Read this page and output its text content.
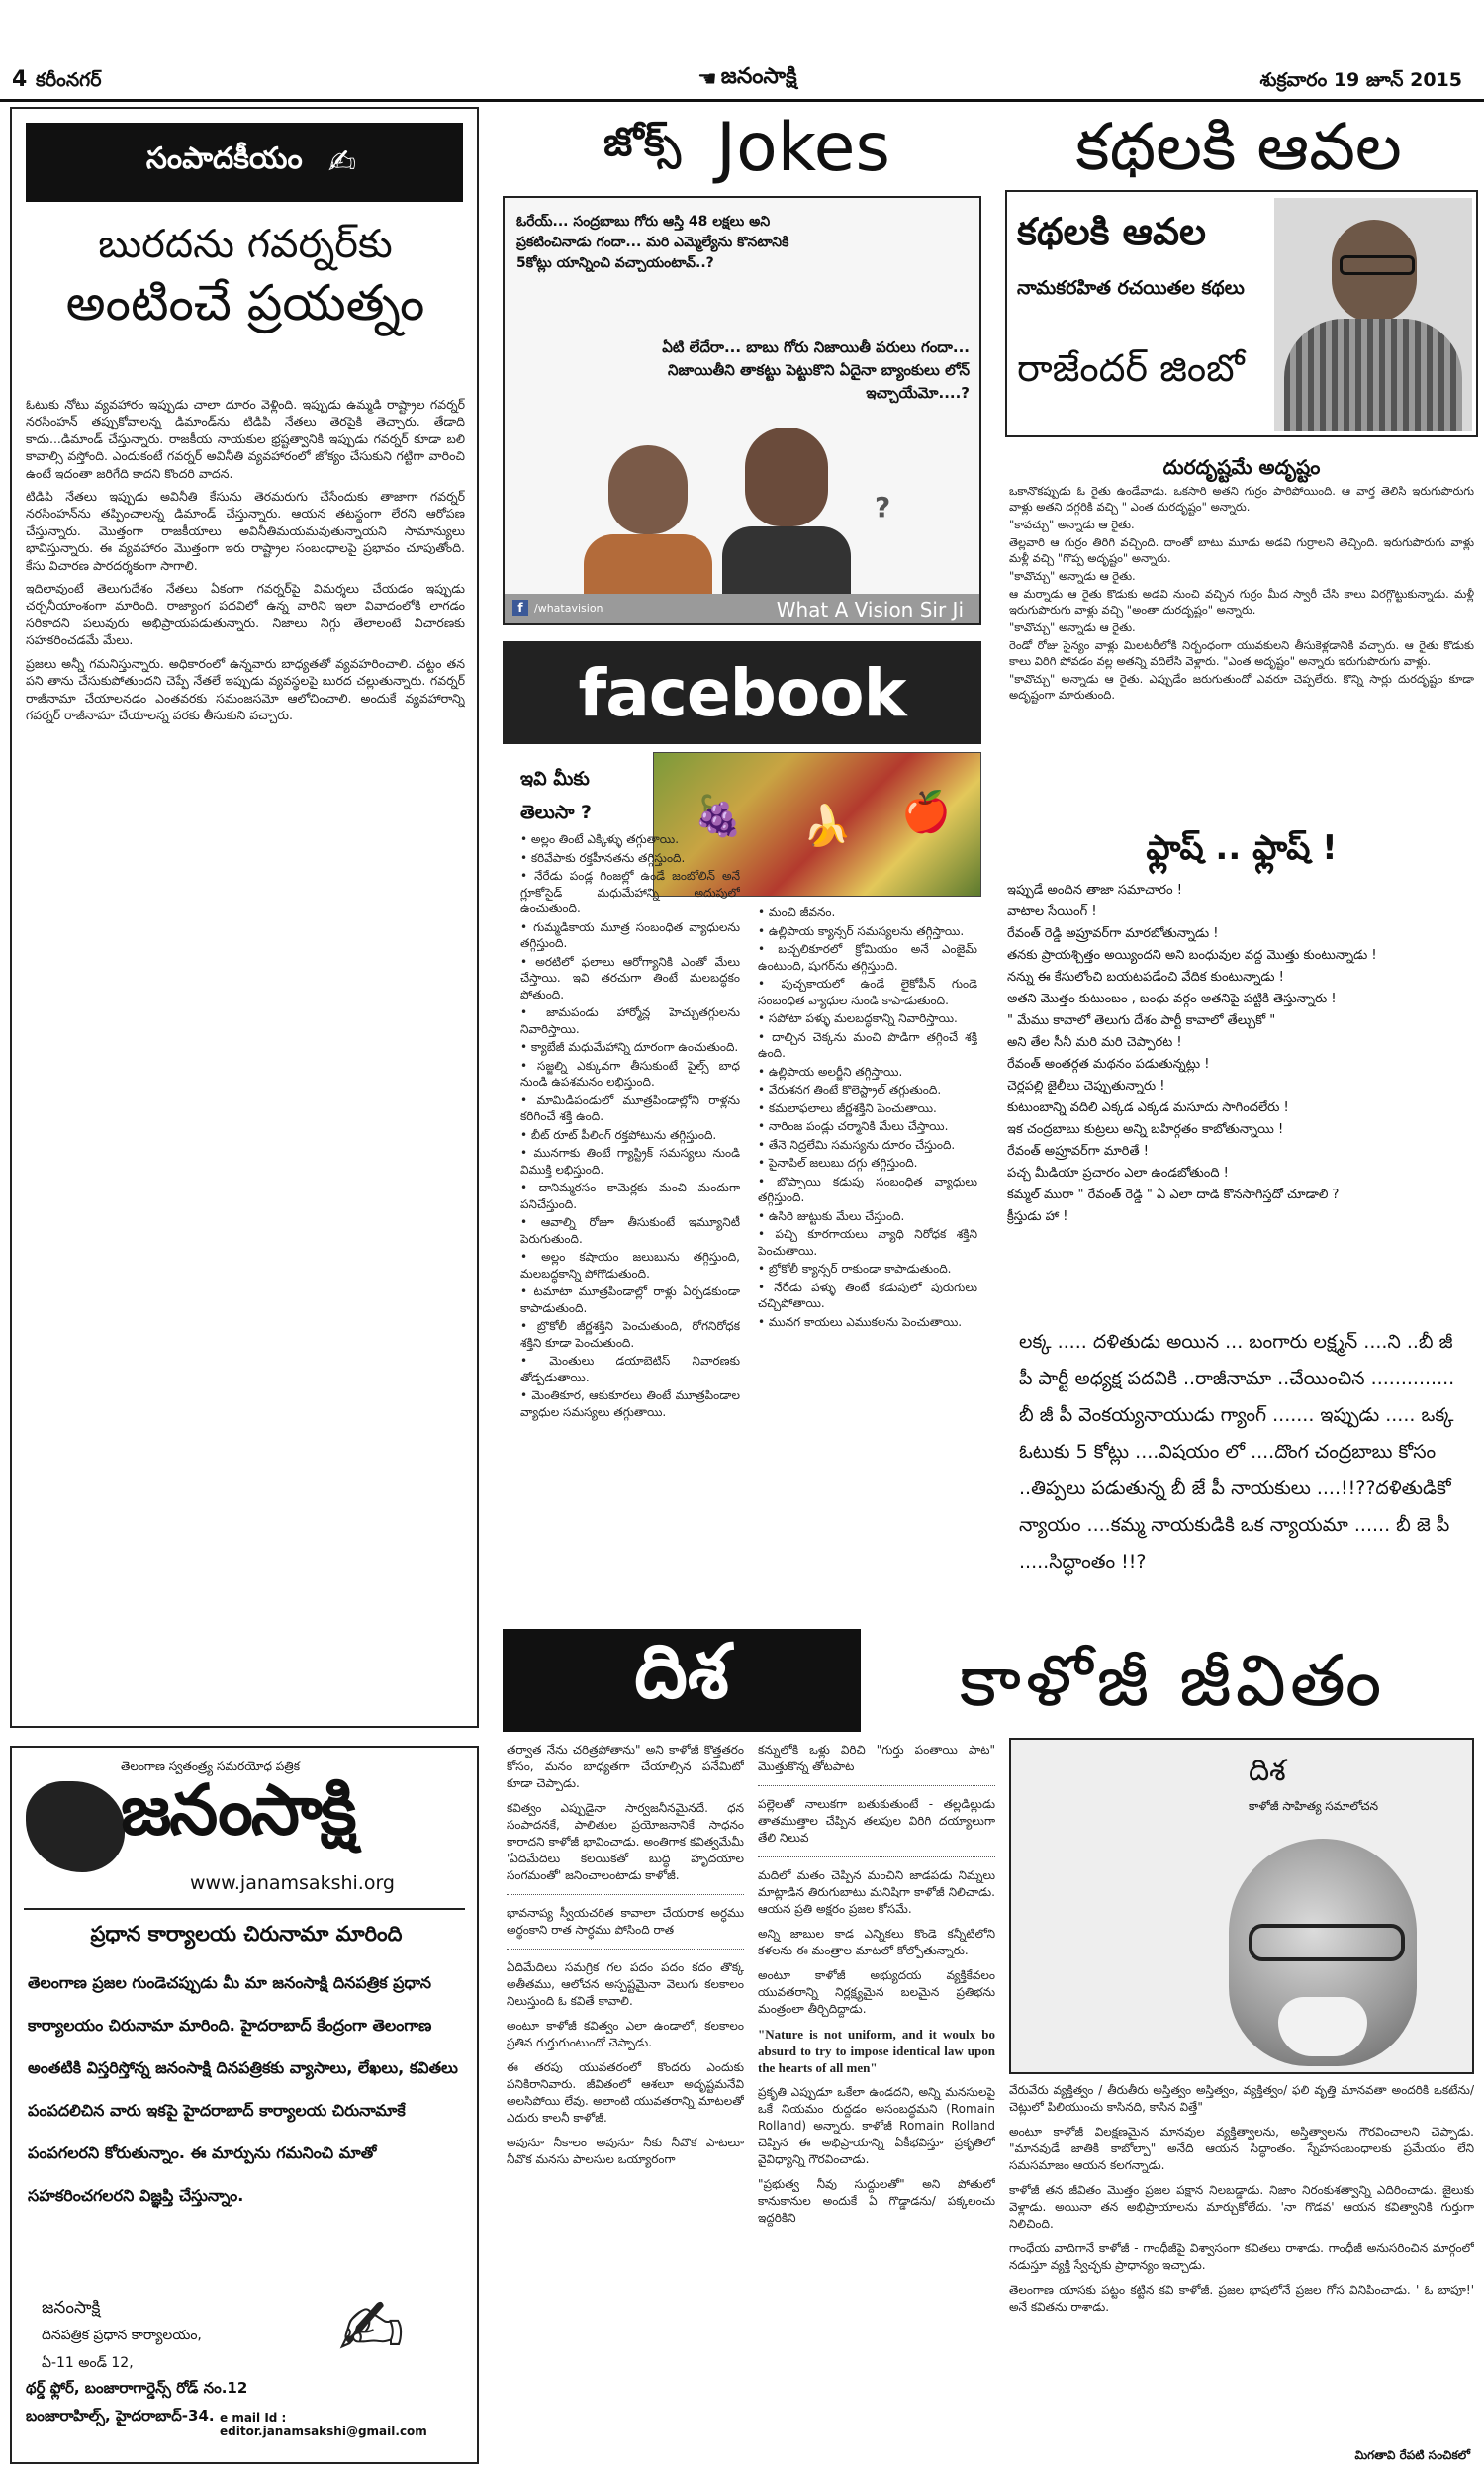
4 కరీంనగర్	☚ జనంసాక్షి	శుక్రవారం 19 జూన్ 2015
సంపాదకీయం ✍
బురదను గవర్నర్‌కు
అంటించే ప్రయత్నం

ఓటుకు నోటు వ్యవహారం ఇప్పుడు చాలా దూరం వెళ్లింది. ఇప్పుడు ఉమ్మడి రాష్ట్రాల గవర్నర్ నరసింహన్ తప్పుకోవాలన్న డిమాండ్‌ను టిడిపి నేతలు తెరపైకి తెచ్చారు. తేడాది కాదు...డిమాండ్ చేస్తున్నారు. రాజకీయ నాయకుల భ్రష్టత్వానికి ఇప్పుడు గవర్నర్ కూడా బలి కావాల్సి వస్తోంది. ఎందుకంటే గవర్నర్ అవినీతి వ్యవహారంలో జోక్యం చేసుకుని గట్టిగా వారించి ఉంటే ఇదంతా జరిగేది కాదని కొందరి వాదన.

టిడిపి నేతలు ఇప్పుడు అవినీతి కేసును తెరమరుగు చేసేందుకు తాజాగా గవర్నర్ నరసింహన్‌ను తప్పించాలన్న డిమాండ్ చేస్తున్నారు. ఆయన తటస్థంగా లేరని ఆరోపణ చేస్తున్నారు. మొత్తంగా రాజకీయాలు అవినీతిమయమవుతున్నాయని సామాన్యులు భావిస్తున్నారు. ఈ వ్యవహారం మొత్తంగా ఇరు రాష్ట్రాల సంబంధాలపై ప్రభావం చూపుతోంది. కేసు విచారణ పారదర్శకంగా సాగాలి.

ఇదిలావుంటే తెలుగుదేశం నేతలు ఏకంగా గవర్నర్‌పై విమర్శలు చేయడం ఇప్పుడు చర్చనీయాంశంగా మారింది. రాజ్యాంగ పదవిలో ఉన్న వారిని ఇలా వివాదంలోకి లాగడం సరికాదని పలువురు అభిప్రాయపడుతున్నారు. నిజాలు నిగ్గు తేలాలంటే విచారణకు సహకరించడమే మేలు.

ప్రజలు అన్నీ గమనిస్తున్నారు. అధికారంలో ఉన్నవారు బాధ్యతతో వ్యవహరించాలి. చట్టం తన పని తాను చేసుకుపోతుందని చెప్పే నేతలే ఇప్పుడు వ్యవస్థలపై బురద చల్లుతున్నారు. గవర్నర్ రాజీనామా చేయాలనడం ఎంతవరకు సమంజసమో ఆలోచించాలి. అందుకే వ్యవహారాన్ని గవర్నర్ రాజీనామా చేయాలన్న వరకు తీసుకుని వచ్చారు.

జోక్స్ Jokes
ఓరేయ్... సంద్రబాబు గోరు ఆస్తి 48 లక్షలు అని ప్రకటించినాడు గందా... మరి ఎమ్మెల్యేను కొనటానికి 5కోట్లు యాన్నించి వచ్చాయంటావ్..?
ఏటి లేదేరా... బాబు గోరు నిజాయితీ పరులు గందా... నిజాయితీని తాకట్టు పెట్టుకొని ఏదైనా బ్యాంకులు లోన్ ఇచ్చాయేమో....?
?
f	/whatavision	What A Vision Sir Ji
facebook
ఇవి మీకు తెలుసా ?	🍇 🍌 🍎
• అల్లం తింటే ఎక్కిళ్ళు తగ్గుతాయి.
• కరివేపాకు రక్తహీనతను తగ్గిస్తుంది.
• నేరేడు పండ్ల గింజల్లో ఉండే జంబోలిన్ అనే గ్లూకోసైడ్ మధుమేహాన్ని అదుపులో ఉంచుతుంది.
• గుమ్మడికాయ మూత్ర సంబంధిత వ్యాధులను తగ్గిస్తుంది.
• అరటిలో ఫలాలు ఆరోగ్యానికి ఎంతో మేలు చేస్తాయి. ఇవి తరచుగా తింటే మలబద్ధకం పోతుంది.
• జామపండు హార్మోన్ల హెచ్చుతగ్గులను నివారిస్తాయి.
• క్యాబేజీ మధుమేహాన్ని దూరంగా ఉంచుతుంది.
• సజ్జల్ని ఎక్కువగా తీసుకుంటే పైల్స్ బాధ నుండి ఉపశమనం లభిస్తుంది.
• మామిడిపండులో మూత్రపిండాల్లోని రాళ్లను కరిగించే శక్తి ఉంది.
• బీట్ రూట్ పీలింగ్ రక్తపోటును తగ్గిస్తుంది.
• మునగాకు తింటే గ్యాస్ట్రిక్ సమస్యలు నుండి విముక్తి లభిస్తుంది.
• దానిమ్మరసం కామెర్లకు మంచి మందుగా పనిచేస్తుంది.
• ఆవాల్ని రోజూ తీసుకుంటే ఇమ్యూనిటీ పెరుగుతుంది.
• అల్లం కషాయం జలుబును తగ్గిస్తుంది, మలబద్ధకాన్ని పోగొడుతుంది.
• టమాటా మూత్రపిండాల్లో రాళ్లు ఏర్పడకుండా కాపాడుతుంది.
• బ్రొకోలీ జీర్ణశక్తిని పెంచుతుంది, రోగనిరోధక శక్తిని కూడా పెంచుతుంది.
• మెంతులు డయాబెటిస్ నివారణకు తోడ్పడుతాయి.
• మెంతికూర, ఆకుకూరలు తింటే మూత్రపిండాల వ్యాధుల సమస్యలు తగ్గుతాయి.
• మంచి జీవనం.
• ఉల్లిపాయ క్యాన్సర్ సమస్యలను తగ్గిస్తాయి.
• బచ్చలికూరలో క్రోమియం అనే ఎంజైమ్ ఉంటుంది, షుగర్‌ను తగ్గిస్తుంది.
• పుచ్చకాయలో ఉండే లైకోపీన్ గుండె సంబంధిత వ్యాధుల నుండి కాపాడుతుంది.
• సపోటా పళ్ళు మలబద్ధకాన్ని నివారిస్తాయి.
• దాల్చిన చెక్కను మంచి పొడిగా తగ్గించే శక్తి ఉంది.
• ఉల్లిపాయ అలర్జీని తగ్గిస్తాయి.
• వేరుశనగ తింటే కొలెస్ట్రాల్ తగ్గుతుంది.
• కమలాఫలాలు జీర్ణశక్తిని పెంచుతాయి.
• నారింజ పండ్లు చర్మానికి మేలు చేస్తాయి.
• తేనె నిద్రలేమి సమస్యను దూరం చేస్తుంది.
• పైనాపిల్ జలుబు దగ్గు తగ్గిస్తుంది.
• బొప్పాయి కడుపు సంబంధిత వ్యాధులు తగ్గిస్తుంది.
• ఉసిరి జుట్టుకు మేలు చేస్తుంది.
• పచ్చి కూరగాయలు వ్యాధి నిరోధక శక్తిని పెంచుతాయి.
• బ్రోకోలీ క్యాన్సర్ రాకుండా కాపాడుతుంది.
• నేరేడు పళ్ళు తింటే కడుపులో పురుగులు చచ్చిపోతాయి.
• మునగ కాయలు ఎముకలను పెంచుతాయి.
కథలకి ఆవల
కథలకి ఆవల
నామకరహిత రచయితల కథలు
రాజేందర్ జింబో
దురదృష్టమే అదృష్టం

ఒకానొకప్పుడు ఓ రైతు ఉండేవాడు. ఒకసారి అతని గుర్రం పారిపోయింది. ఆ వార్త తెలిసి ఇరుగుపొరుగు వాళ్లు అతని దగ్గరికి వచ్చి " ఎంత దురదృష్టం" అన్నారు.

"కావచ్చు" అన్నాడు ఆ రైతు.

తెల్లవారి ఆ గుర్రం తిరిగి వచ్చింది. దాంతో బాటు మూడు అడవి గుర్రాలని తెచ్చింది. ఇరుగుపొరుగు వాళ్లు మళ్లీ వచ్చి "గొప్ప అదృష్టం" అన్నారు.

"కావొచ్చు" అన్నాడు ఆ రైతు.

ఆ మర్నాడు ఆ రైతు కొడుకు అడవి నుంచి వచ్చిన గుర్రం మీద స్వారీ చేసి కాలు విరగ్గొట్టుకున్నాడు. మళ్లీ ఇరుగుపొరుగు వాళ్లు వచ్చి "అంతా దురదృష్టం" అన్నారు.

"కావొచ్చు" అన్నాడు ఆ రైతు.

రెండో రోజు సైన్యం వాళ్లు మిలటరీలోకి నిర్బంధంగా యువకులని తీసుకెళ్లడానికి వచ్చారు. ఆ రైతు కొడుకు కాలు విరిగి పోవడం వల్ల అతన్ని వదిలేసి వెళ్లారు. "ఎంత అదృష్టం" అన్నారు ఇరుగుపొరుగు వాళ్లు.

"కావొచ్చు" అన్నాడు ఆ రైతు. ఎప్పుడేం జరుగుతుందో ఎవరూ చెప్పలేరు. కొన్ని సార్లు దురదృష్టం కూడా అదృష్టంగా మారుతుంది.

ఫ్లాష్ .. ఫ్లాష్ !
ఇప్పుడే అందిన తాజా సమాచారం !
వాటాల సేయింగ్ !
రేవంత్ రెడ్డి అప్రూవర్‌గా మారబోతున్నాడు !
తనకు ప్రాయశ్చిత్తం అయ్యిందని అని బంధువుల వద్ద మొత్తు కుంటున్నాడు !
నన్ను ఈ కేసులోంచి బయటపడేంచి వేదిక కుంటున్నాడు !
అతని మొత్తం కుటుంబం , బంధు వర్గం అతనిపై పట్టికి తెస్తున్నారు !
" మేము కావాలో తెలుగు దేశం పార్టీ కావాలో తేల్చుకో "
అని తేల సీనీ మరి మరి చెప్పారట !
రేవంత్ అంతర్గత మథనం పడుతున్నట్లు !
చెర్లపల్లి జైలీలు చెప్పుతున్నారు !
కుటుంబాన్ని వదిలి ఎక్కడ ఎక్కడ మసూదు సాగిందలేరు !
ఇక చంద్రబాబు కుట్రలు అన్ని బహిర్గతం కాబోతున్నాయి !
రేవంత్ అప్రూవర్‌గా మారితే !
పచ్చ మీడియా ప్రచారం ఎలా ఉండబోతుంది !
కమ్మల్ మురా " రేవంత్ రెడ్డి " ఏ ఎలా దాడి కొనసాగిస్తదో చూడాలి ?
క్రీస్తుడు హా !
లక్క ..... దళితుడు అయిన ... బంగారు లక్ష్మన్ ....ని ..బీ జీ పీ పార్టీ అధ్యక్ష పదవికి ..రాజీనామా ..చేయించిన .............. బీ జీ పీ వెంకయ్యనాయుడు గ్యాంగ్ ....... ఇప్పుడు ..... ఒక్క ఓటుకు 5 కోట్లు ....విషయం లో ....దొంగ చంద్రబాబు కోసం ..తిప్పలు పడుతున్న బీ జే పీ నాయకులు ....!!??దళితుడికో న్యాయం ....కమ్మ నాయకుడికి ఒక న్యాయమా ...... బీ జె పీ .....సిద్ధాంతం !!?
దిశ	కాళోజీ జీవితం

తర్వాత నేను చరిత్రపోతాను" అని కాళోజీ కొత్తతరం కోసం, మనం బాధ్యతగా చేయాల్సిన పనేమిటో కూడా చెప్పాడు.

కవిత్వం ఎప్పుడైనా సార్వజనీనమైనదే. ధన సంపాదనకే, పాలితుల ప్రయోజనానికే సాధనం కారాదని కాళోజీ భావించాడు. అంతిగాక కవిత్వమేమీ 'ఏదిమేదిలు కలయికతో బుద్ధి హృదయాల సంగమంతో' జనించాలంటాడు కాళోజీ.

భావనాప్య స్వీయచరిత కావాలా చేయరాక అర్ధము అర్థంకాని రాత సార్ధము పోసింది రాత

ఏదిమేదిలు సమగ్రిక గల పదం పదం కదం తొక్క అతీతము, ఆలోచన అస్పష్టమైనా వెలుగు కలకాలం నిలుస్తుంది ఓ కవితే కావాలి.

అంటూ కాళోజీ కవిత్వం ఎలా ఉండాలో, కలకాలం ప్రతిన గుర్తుగుంటుందో చెప్పాడు.

ఈ తరపు యువతరంలో కొందరు ఎందుకు పనికిరానివారు. జీవితంలో ఆశలూ అదృష్టమనేవి అలసిపోయి లేవు. అలాంటి యువతరాన్ని మాటలతో ఎదురు కాలనీ కాళోజీ.

అవునూ నీకాలం అవునూ నీకు నీవొక పాటలూ నీవొక మనసు పాలసుల ఒయ్యారంగా

కన్నులోకి ఒళ్లు విరిచి "గుర్తు పంతాయి పాట" మొత్తుకొన్న తోటపాట

పల్లెలతో నాలుకగా బతుకుతుంటే - తల్లడిల్లుడు తాతముత్తాల చేప్పిన తలపుల విరిగి దయ్యాలుగా తేలి నిలువ

మదిలో మతం చెప్పిన మంచిని జాడపడు నిమ్నలు మాట్లాడిన తిరుగుబాటు మనిషిగా కాళోజీ నిలిచాడు. ఆయన ప్రతి అక్షరం ప్రజల కోసమే.

అన్ని జాబుల కాడ ఎన్నికలు కొండె కన్నీటిలోని కళలను ఈ మంత్రాల మాటలో కోల్పోతున్నారు.

అంటూ కాళోజీ అభ్యుదయ వ్యక్తికేవలం యువతరాన్ని నిర్లక్ష్యమైన బలమైన ప్రతిభను మంత్రంలా తీర్చిదిద్దాడు.

"Nature is not uniform, and it woulx bo absurd to try to impose identical law upon the hearts of all men"

ప్రకృతి ఎప్పుడూ ఒకేలా ఉండదని, అన్ని మనసులపై ఒకే నియమం రుద్దడం అసంబద్ధమని (Romain Rolland) అన్నారు. కాళోజీ Romain Rolland చెప్పిన ఈ అభిప్రాయాన్ని ఏకీభవిస్తూ ప్రకృతిలో వైవిధ్యాన్ని గౌరవించాడు.

"ప్రభుత్వ నీవు సుద్దులతో" అని పోతులో కానుకానుల అందుకే ఏ గొడ్డాడను/ పక్కలంచు ఇద్దరికిని

దిశ
కాళోజీ సాహిత్య సమాలోచన

వేరువేరు వ్యక్తిత్వం / తీరుతీరు అస్తిత్వం అస్తిత్వం, వ్యక్తిత్వం/ ఫలి వృత్తి మానవతా అందరికి ఒకటేను/ చెట్లులో పిలియుంచు కాసినది, కాసిన విత్తే"

అంటూ కాళోజీ విలక్షణమైన మానవుల వ్యక్తిత్వాలను, అస్తిత్వాలను గౌరవించాలని చెప్పాడు. "మానవుడే జాతికి కాబోల్పా" అనేది ఆయన సిద్ధాంతం. స్నేహసంబంధాలకు ప్రమేయం లేని సమసమాజం ఆయన కలగన్నాడు.

కాళోజీ తన జీవితం మొత్తం ప్రజల పక్షాన నిలబడ్డాడు. నిజాం నిరంకుశత్వాన్ని ఎదిరించాడు. జైలుకు వెళ్లాడు. అయినా తన అభిప్రాయాలను మార్చుకోలేదు. 'నా గొడవ' ఆయన కవిత్వానికి గుర్తుగా నిలిచింది.

గాంధేయ వాదిగానే కాళోజీ - గాంధీజీపై విశ్వాసంగా కవితలు రాశాడు. గాంధీజీ అనుసరించిన మార్గంలో నడుస్తూ వ్యక్తి స్వేచ్ఛకు ప్రాధాన్యం ఇచ్చాడు.

తెలంగాణ యాసకు పట్టం కట్టిన కవి కాళోజీ. ప్రజల భాషలోనే ప్రజల గోస వినిపించాడు. ' ఓ బాపూ!' అనే కవితను రాశాడు.

మిగతావి రేపటి సంచికలో
తెలంగాణ స్వతంత్ర్య సమరయోధ పత్రిక
జనంసాక్షి
www.janamsakshi.org
ప్రధాన కార్యాలయ చిరునామా మారింది
తెలంగాణ ప్రజల గుండెచప్పుడు మీ మా జనంసాక్షి దినపత్రిక ప్రధాన కార్యాలయం చిరునామా మారింది. హైదరాబాద్ కేంద్రంగా తెలంగాణ అంతటికి విస్తరిస్తోన్న జనంసాక్షి దినపత్రికకు వ్యాసాలు, లేఖలు, కవితలు పంపదలిచిన వారు ఇకపై హైదరాబాద్ కార్యాలయ చిరునామాకే పంపగలరని కోరుతున్నాం. ఈ మార్పును గమనించి మాతో సహకరించగలరని విజ్ఞప్తి చేస్తున్నాం.
జనంసాక్షి
దినపత్రిక ప్రధాన కార్యాలయం,
ఏ-11 అండ్ 12,
థర్డ్ ఫ్లోర్, బంజారాగార్డెన్స్ రోడ్ నం.12
బంజారాహిల్స్, హైదరాబాద్-34. e mail Id : editor.janamsakshi@gmail.com
✍
